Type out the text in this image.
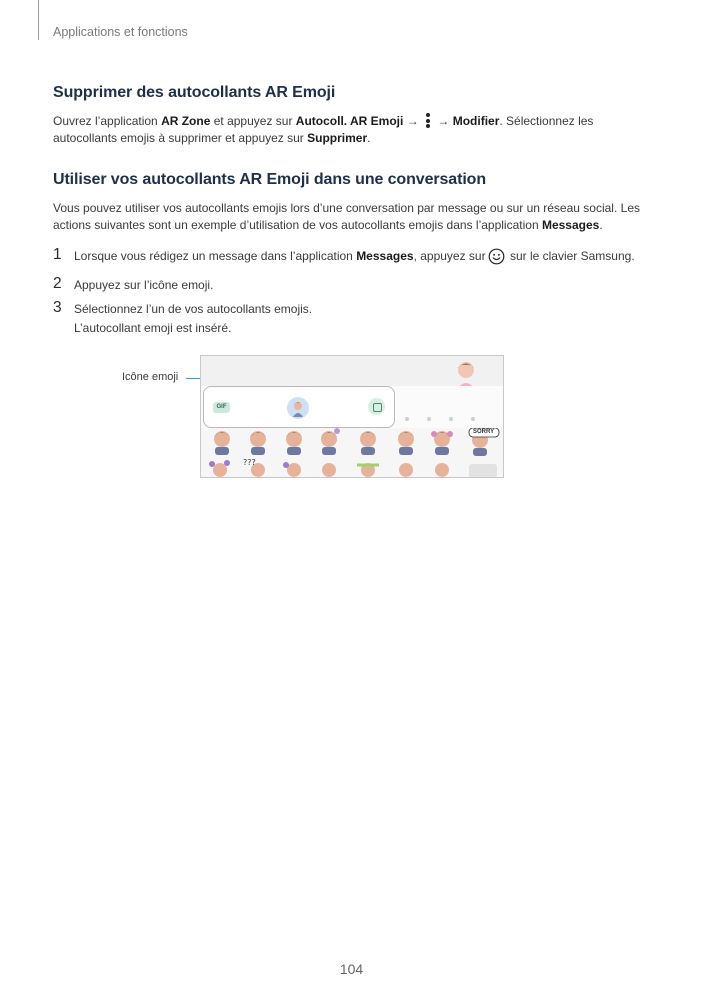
Applications et fonctions
Supprimer des autocollants AR Emoji
Ouvrez l’application AR Zone et appuyez sur Autocoll. AR Emoji →
→ Modifier. Sélectionnez les autocollants emojis à supprimer et appuyez sur Supprimer.
Utiliser vos autocollants AR Emoji dans une conversation
Vous pouvez utiliser vos autocollants emojis lors d’une conversation par message ou sur un réseau social. Les actions suivantes sont un exemple d’utilisation de vos autocollants emojis dans l’application Messages.
1 Lorsque vous rédigez un message dans l’application Messages, appuyez sur sur le clavier Samsung.
2 Appuyez sur l’icône emoji.
3 Sélectionnez l’un de vos autocollants emojis.
L’autocollant emoji est inséré.
Icône emoji
GIF
???
SORRY
104
